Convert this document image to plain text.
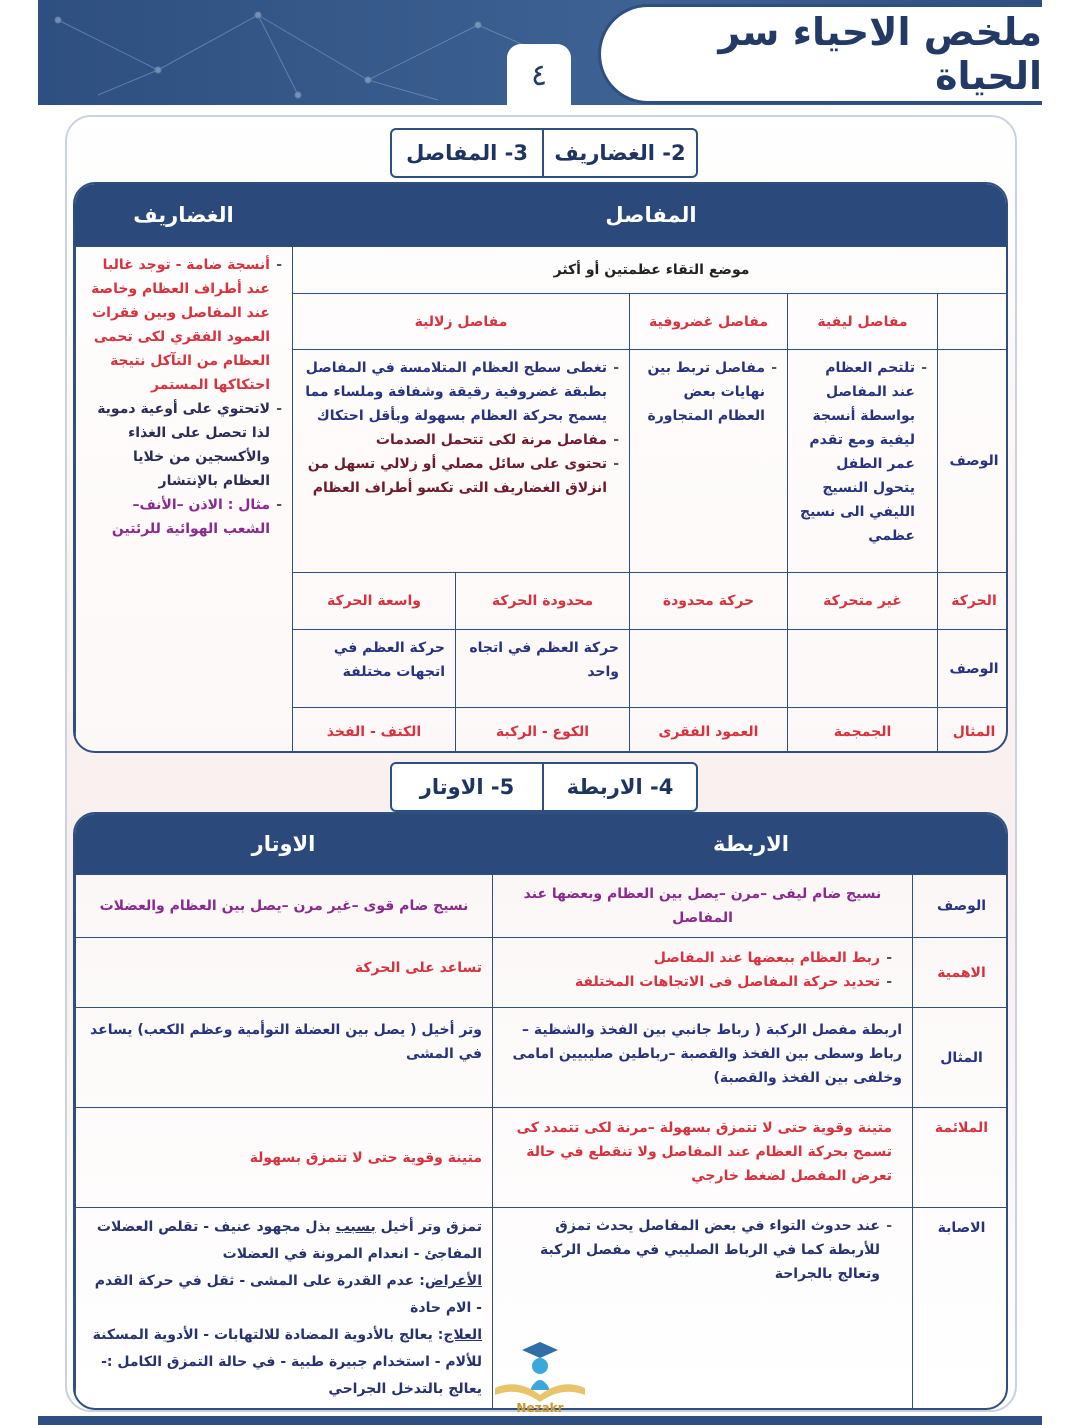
ملخص الاحياء سر الحياة
٤
2- الغضاريف
3- المفاصل
المفاصل
الغضاريف
موضع التقاء عظمتين أو أكثر
مفاصل ليفية
مفاصل غضروفية
مفاصل زلالية
الوصف
- تلتحم العظام عند المفاصل بواسطة أنسجة ليفية ومع تقدم عمر الطفل يتحول النسيج الليفي الى نسيج عظمي
- مفاصل تربط بين نهايات بعض العظام المتجاورة
- تغطى سطح العظام المتلامسة في المفاصل بطبقة غضروفية رقيقة وشفافة وملساء مما يسمح بحركة العظام بسهولة وبأقل احتكاك
- مفاصل مرنة لكى تتحمل الصدمات
- تحتوى على سائل مصلي أو زلالي تسهل من انزلاق الغضاريف التى تكسو أطراف العظام
الحركة
غير متحركة
حركة محدودة
محدودة الحركة
واسعة الحركة
الوصف
حركة العظم في اتجاه واحد
حركة العظم في اتجهات مختلفة
المثال
الجمجمة
العمود الفقرى
الكوع - الركبة
الكتف - الفخذ
- أنسجة ضامة - توجد غالبا عند أطراف العظام وخاصة عند المفاصل وبين فقرات العمود الفقري لكى تحمى العظام من التآكل نتيجة احتكاكها المستمر
- لاتحتوي على أوعية دموية لذا تحصل على الغذاء والأكسجين من خلايا العظام بالإنتشار
- مثال : الاذن –الأنف– الشعب الهوائية للرئتين
4- الاربطة
5- الاوتار
الاربطة
الاوتار
الوصف
نسيج ضام ليفى –مرن –يصل بين العظام وبعضها عند المفاصل
نسيج ضام قوى –غير مرن –يصل بين العظام والعضلات
الاهمية
- ربط العظام ببعضها عند المفاصل
- تحديد حركة المفاصل فى الاتجاهات المختلفة
تساعد على الحركة
المثال
اربطة مفصل الركبة ( رباط جانبي بين الفخذ والشظية –رباط وسطى بين الفخذ والقصبة –رباطين صليبيين امامى وخلفى بين الفخذ والقصبة)
وتر أخيل ( يصل بين العضلة التوأمية وعظم الكعب) يساعد في المشى
الملائمة
متينة وقوية حتى لا تتمزق بسهولة –مرنة لكى تتمدد كى تسمح بحركة العظام عند المفاصل ولا تنقطع في حالة تعرض المفصل لضغط خارجي
متينة وقوية حتى لا تتمزق بسهولة
الاصابة
- عند حدوث التواء في بعض المفاصل يحدث تمزق للأربطة كما في الرباط الصليبي في مفصل الركبة وتعالج بالجراحة
تمزق وتر أخيل بسبب بذل مجهود عنيف - تقلص العضلات المفاجئ - انعدام المرونة في العضلات
الأعراض: عدم القدرة على المشى - ثقل في حركة القدم - الام حادة
العلاج: يعالج بالأدوية المضادة للالتهابات - الأدوية المسكنة للألام - استخدام جبيرة طبية - في حالة التمزق الكامل :- يعالج بالتدخل الجراحي
Nezakr
